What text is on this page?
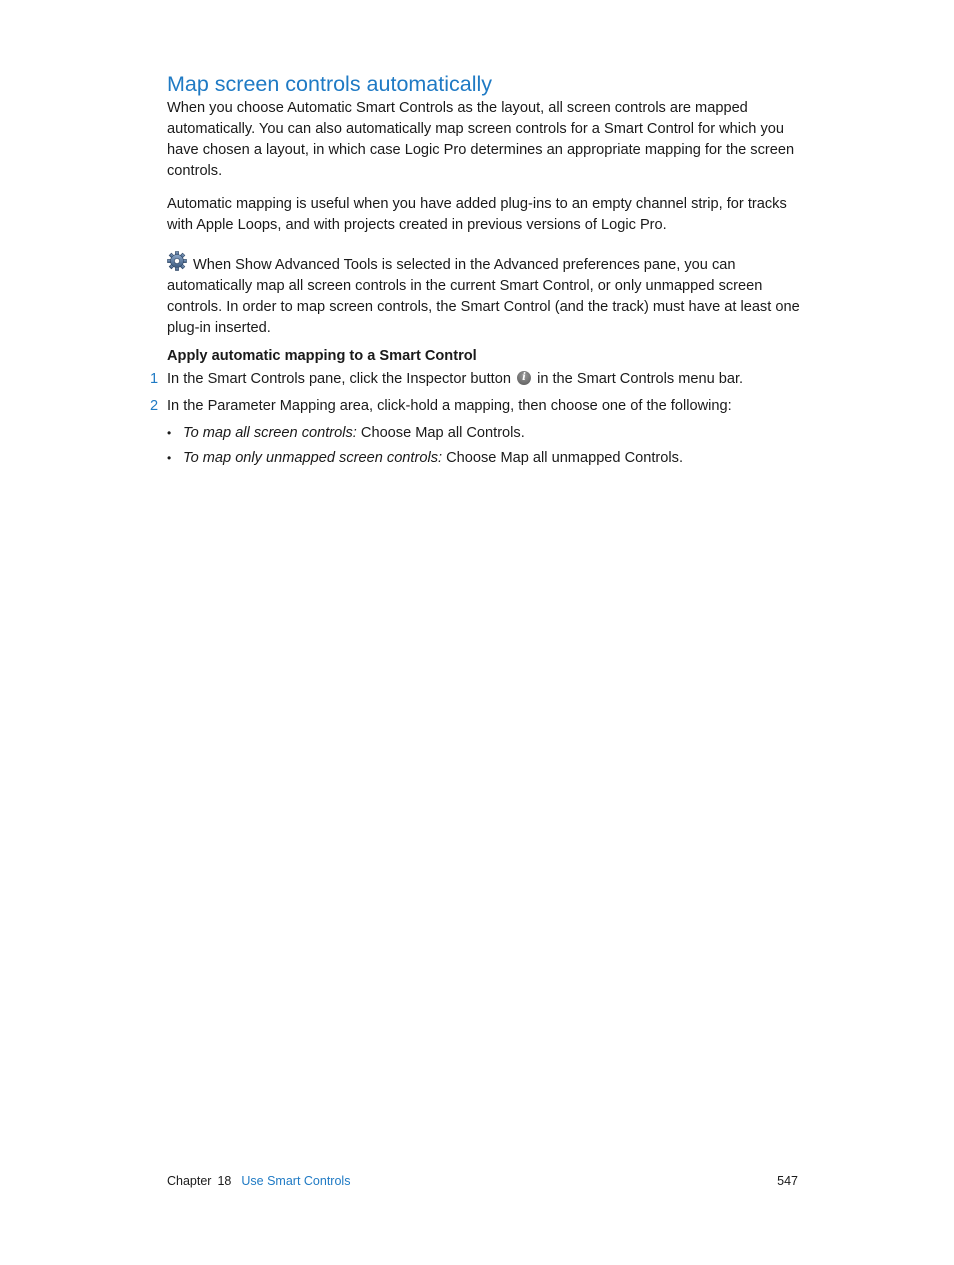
Map screen controls automatically

When you choose Automatic Smart Controls as the layout, all screen controls are mapped automatically. You can also automatically map screen controls for a Smart Control for which you have chosen a layout, in which case Logic Pro determines an appropriate mapping for the screen controls.

Automatic mapping is useful when you have added plug-ins to an empty channel strip, for tracks with Apple Loops, and with projects created in previous versions of Logic Pro.

When Show Advanced Tools is selected in the Advanced preferences pane, you can automatically map all screen controls in the current Smart Control, or only unmapped screen controls. In order to map screen controls, the Smart Control (and the track) must have at least one plug-in inserted.

Apply automatic mapping to a Smart Control
1 In the Smart Controls pane, click the Inspector button i in the Smart Controls menu bar.
2 In the Parameter Mapping area, click-hold a mapping, then choose one of the following:
• To map all screen controls: Choose Map all Controls.
• To map only unmapped screen controls: Choose Map all unmapped Controls.
Chapter 18 Use Smart Controls	547
